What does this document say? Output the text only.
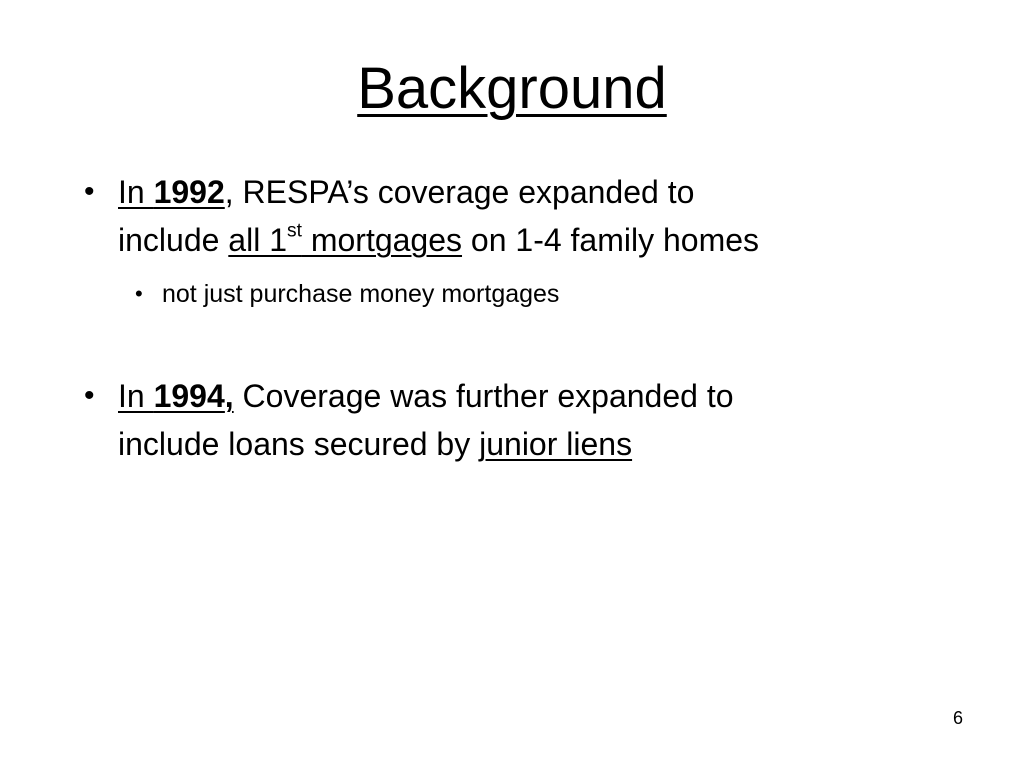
Background
• In 1992, RESPA’s coverage expanded to
include all 1st mortgages on 1-4 family homes
• not just purchase money mortgages
• In 1994, Coverage was further expanded to
include loans secured by junior liens
6
